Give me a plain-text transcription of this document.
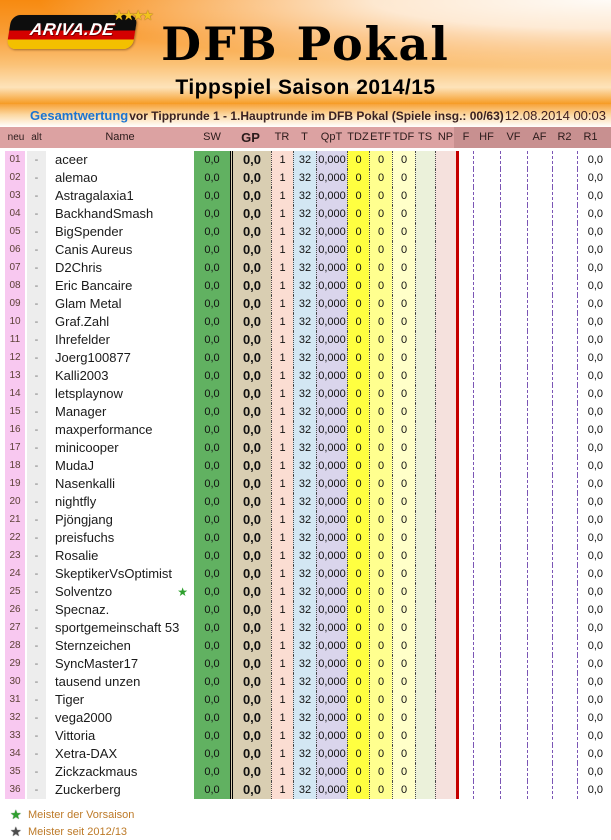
ARIVA.DE
★★★★
DFB Pokal
Tippspiel Saison 2014/15
Gesamtwertung vor Tipprunde 1 - 1.Hauptrunde im DFB Pokal (Spiele insg.: 00/63) 12.08.2014 00:03
neu alt	Name	SW	GP	TR	T	QpT TDZ ETF TDF TS NP F HF	VF	AF R2	R1
01	-	aceer	0,0	0,0	1	32 0,000 0	0	0	0,0
02	-	alemao	0,0	0,0	1	32 0,000 0	0	0	0,0
03	-	Astragalaxia1	0,0	0,0	1	32 0,000 0	0	0	0,0
04	-	BackhandSmash	0,0	0,0	1	32 0,000 0	0	0	0,0
05	-	BigSpender	0,0	0,0	1	32 0,000 0	0	0	0,0
06	-	Canis Aureus	0,0	0,0	1	32 0,000 0	0	0	0,0
07	-	D2Chris	0,0	0,0	1	32 0,000 0	0	0	0,0
08	-	Eric Bancaire	0,0	0,0	1	32 0,000 0	0	0	0,0
09	-	Glam Metal	0,0	0,0	1	32 0,000 0	0	0	0,0
10	-	Graf.Zahl	0,0	0,0	1	32 0,000 0	0	0	0,0
11	-	Ihrefelder	0,0	0,0	1	32 0,000 0	0	0	0,0
12	-	Joerg100877	0,0	0,0	1	32 0,000 0	0	0	0,0
13	-	Kalli2003	0,0	0,0	1	32 0,000 0	0	0	0,0
14	-	letsplaynow	0,0	0,0	1	32 0,000 0	0	0	0,0
15	-	Manager	0,0	0,0	1	32 0,000 0	0	0	0,0
16	-	maxperformance	0,0	0,0	1	32 0,000 0	0	0	0,0
17	-	minicooper	0,0	0,0	1	32 0,000 0	0	0	0,0
18	-	MudaJ	0,0	0,0	1	32 0,000 0	0	0	0,0
19	-	Nasenkalli	0,0	0,0	1	32 0,000 0	0	0	0,0
20	-	nightfly	0,0	0,0	1	32 0,000 0	0	0	0,0
21	-	Pjöngjang	0,0	0,0	1	32 0,000 0	0	0	0,0
22	-	preisfuchs	0,0	0,0	1	32 0,000 0	0	0	0,0
23	-	Rosalie	0,0	0,0	1	32 0,000 0	0	0	0,0
24	-	SkeptikerVsOptimist	0,0	0,0	1	32 0,000 0	0	0	0,0
25	-	Solventzo	★	0,0	0,0	1	32 0,000 0	0	0	0,0
26	-	Specnaz.	0,0	0,0	1	32 0,000 0	0	0	0,0
27	-	sportgemeinschaft 53	0,0	0,0	1	32 0,000 0	0	0	0,0
28	-	Sternzeichen	0,0	0,0	1	32 0,000 0	0	0	0,0
29	-	SyncMaster17	0,0	0,0	1	32 0,000 0	0	0	0,0
30	-	tausend unzen	0,0	0,0	1	32 0,000 0	0	0	0,0
31	-	Tiger	0,0	0,0	1	32 0,000 0	0	0	0,0
32	-	vega2000	0,0	0,0	1	32 0,000 0	0	0	0,0
33	-	Vittoria	0,0	0,0	1	32 0,000 0	0	0	0,0
34	-	Xetra-DAX	0,0	0,0	1	32 0,000 0	0	0	0,0
35	-	Zickzackmaus	0,0	0,0	1	32 0,000 0	0	0	0,0
36	-	Zuckerberg	0,0	0,0	1	32 0,000 0	0	0	0,0
★ Meister der Vorsaison
★ Meister seit 2012/13
